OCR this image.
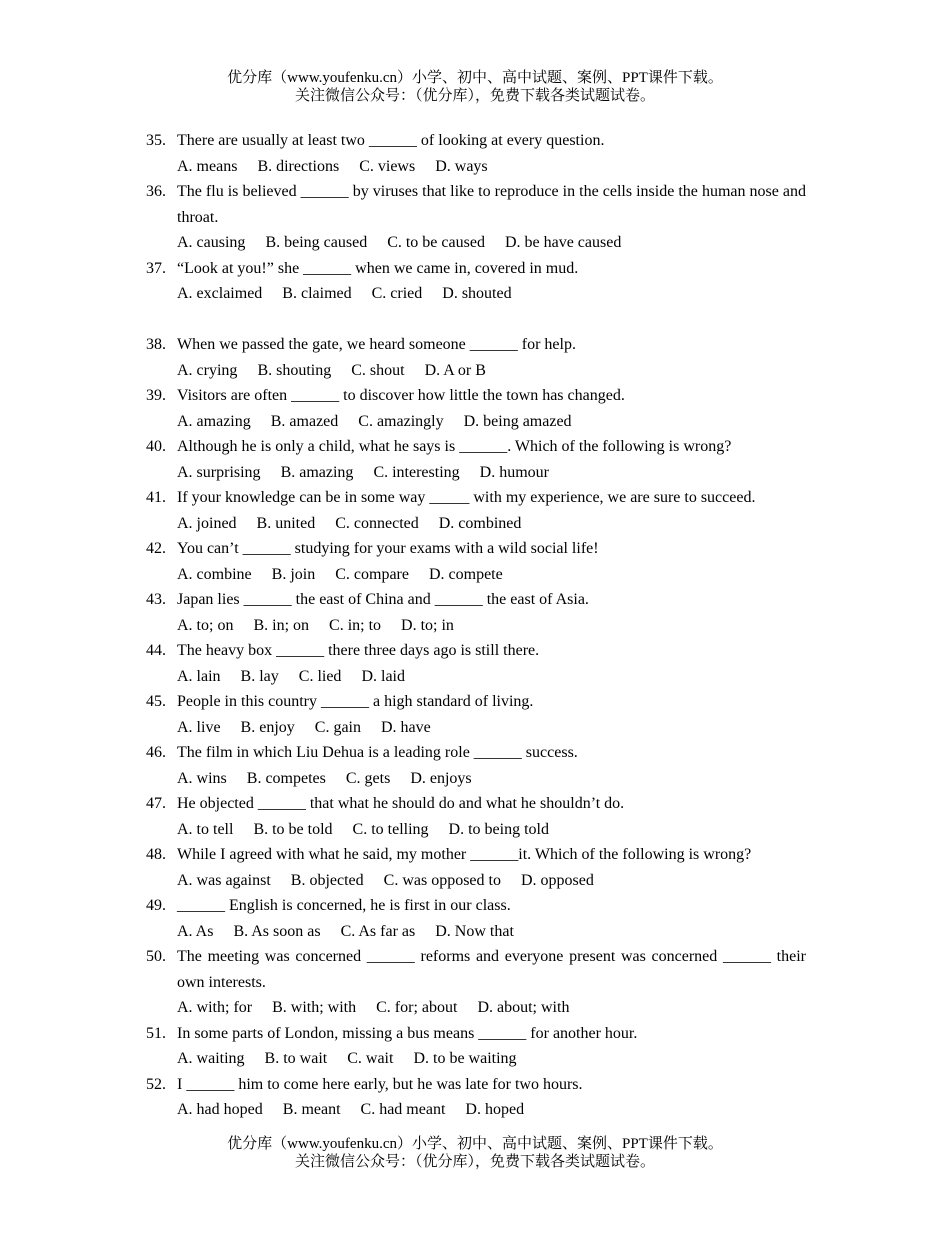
优分库（www.youfenku.cn）小学、初中、高中试题、案例、PPT课件下载。
关注微信公众号：（优分库），免费下载各类试题试卷。
35. There are usually at least two ______ of looking at every question.
A. means B. directions C. views D. ways
36. The flu is believed ______ by viruses that like to reproduce in the cells inside the human nose and throat.
A. causing B. being caused C. to be caused D. be have caused
37. “Look at you!” she ______ when we came in, covered in mud.
A. exclaimed B. claimed C. cried D. shouted
38. When we passed the gate, we heard someone ______ for help.
A. crying B. shouting C. shout D. A or B
39. Visitors are often ______ to discover how little the town has changed.
A. amazing B. amazed C. amazingly D. being amazed
40. Although he is only a child, what he says is ______. Which of the following is wrong?
A. surprising B. amazing C. interesting D. humour
41. If your knowledge can be in some way _____ with my experience, we are sure to succeed.
A. joined B. united C. connected D. combined
42. You can’t ______ studying for your exams with a wild social life!
A. combine B. join C. compare D. compete
43. Japan lies ______ the east of China and ______ the east of Asia.
A. to; on B. in; on C. in; to D. to; in
44. The heavy box ______ there three days ago is still there.
A. lain B. lay C. lied D. laid
45. People in this country ______ a high standard of living.
A. live B. enjoy C. gain D. have
46. The film in which Liu Dehua is a leading role ______ success.
A. wins B. competes C. gets D. enjoys
47. He objected ______ that what he should do and what he shouldn’t do.
A. to tell B. to be told C. to telling D. to being told
48. While I agreed with what he said, my mother ______it. Which of the following is wrong?
A. was against B. objected C. was opposed to D. opposed
49. ______ English is concerned, he is first in our class.
A. As B. As soon as C. As far as D. Now that
50. The meeting was concerned ______ reforms and everyone present was concerned ______ their own interests.
A. with; for B. with; with C. for; about D. about; with
51. In some parts of London, missing a bus means ______ for another hour.
A. waiting B. to wait C. wait D. to be waiting
52. I ______ him to come here early, but he was late for two hours.
A. had hoped B. meant C. had meant D. hoped
优分库（www.youfenku.cn）小学、初中、高中试题、案例、PPT课件下载。
关注微信公众号：（优分库），免费下载各类试题试卷。
